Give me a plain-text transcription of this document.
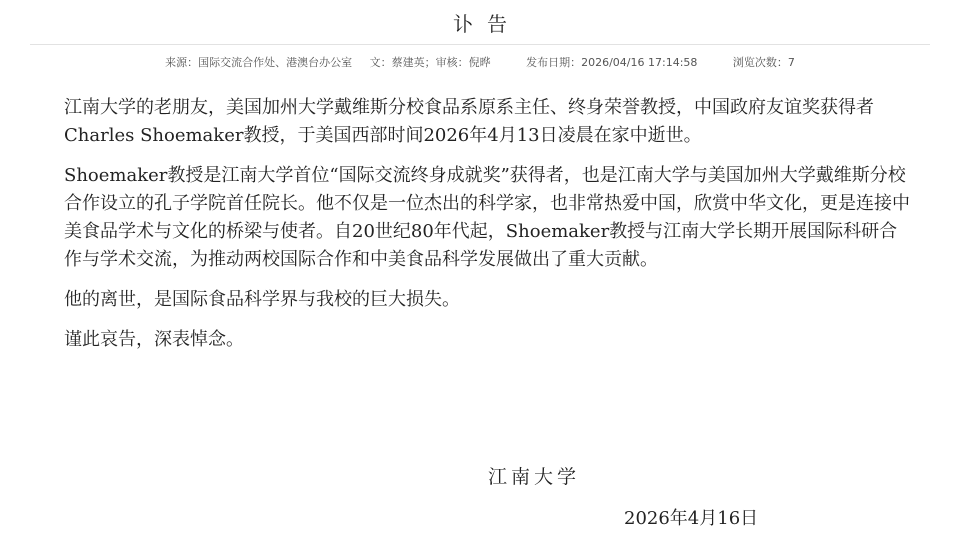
讣告
来源：国际交流合作处、港澳台办公室 文：蔡建英；审核：倪晔	发布日期：2026/04/16 17:14:58	浏览次数：7

江南大学的老朋友，美国加州大学戴维斯分校食品系原系主任、终身荣誉教授，中国政府友谊奖获得者 Charles Shoemaker教授，于美国西部时间2026年4月13日凌晨在家中逝世。

Shoemaker教授是江南大学首位“国际交流终身成就奖”获得者，也是江南大学与美国加州大学戴维斯分校合作设立的孔子学院首任院长。他不仅是一位杰出的科学家，也非常热爱中国，欣赏中华文化，更是连接中美食品学术与文化的桥梁与使者。自20世纪80年代起，Shoemaker教授与江南大学长期开展国际科研合作与学术交流，为推动两校国际合作和中美食品科学发展做出了重大贡献。

他的离世，是国际食品科学界与我校的巨大损失。

谨此哀告，深表悼念。

江南大学
2026年4月16日
